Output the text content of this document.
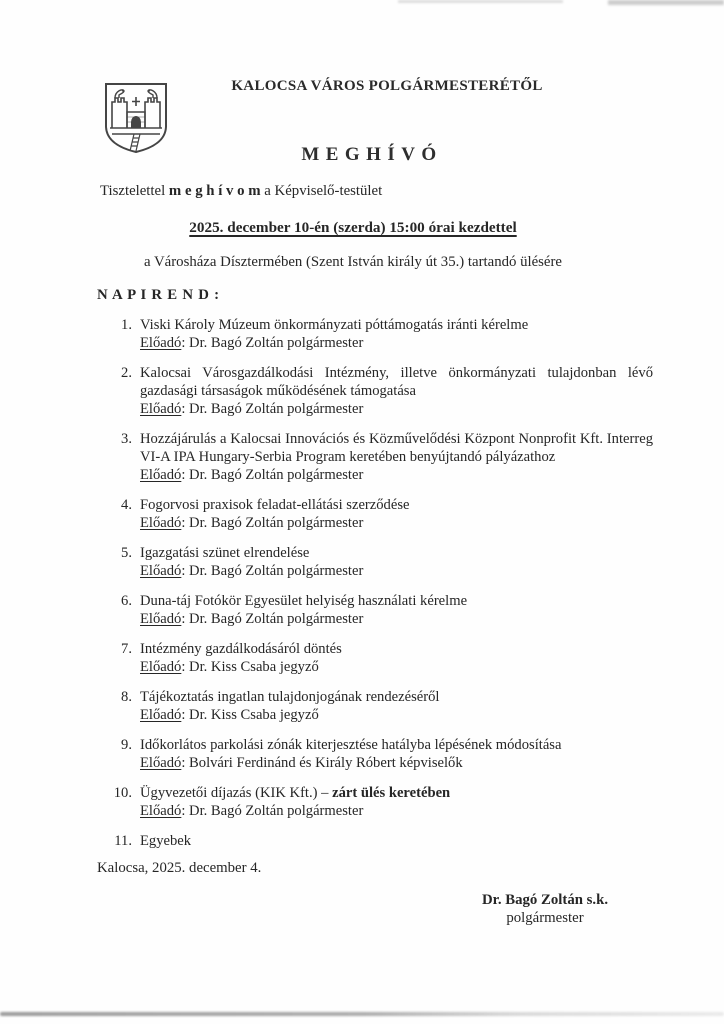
KALOCSA VÁROS POLGÁRMESTERÉTŐL
MEGHÍVÓ
Tisztelettel m e g h í v o m a Képviselő-testület
2025. december 10-én (szerda) 15:00 órai kezdettel
a Városháza Dísztermében (Szent István király út 35.) tartandó ülésére
N A P I R E N D :
1. Viski Károly Múzeum önkormányzati póttámogatás iránti kérelme
Előadó: Dr. Bagó Zoltán polgármester
2. Kalocsai Városgazdálkodási Intézmény, illetve önkormányzati tulajdonban lévő gazdasági társaságok működésének támogatása
Előadó: Dr. Bagó Zoltán polgármester
3. Hozzájárulás a Kalocsai Innovációs és Közművelődési Központ Nonprofit Kft. Interreg VI-A IPA Hungary-Serbia Program keretében benyújtandó pályázathoz
Előadó: Dr. Bagó Zoltán polgármester
4. Fogorvosi praxisok feladat-ellátási szerződése
Előadó: Dr. Bagó Zoltán polgármester
5. Igazgatási szünet elrendelése
Előadó: Dr. Bagó Zoltán polgármester
6. Duna-táj Fotókör Egyesület helyiség használati kérelme
Előadó: Dr. Bagó Zoltán polgármester
7. Intézmény gazdálkodásáról döntés
Előadó: Dr. Kiss Csaba jegyző
8. Tájékoztatás ingatlan tulajdonjogának rendezéséről
Előadó: Dr. Kiss Csaba jegyző
9. Időkorlátos parkolási zónák kiterjesztése hatályba lépésének módosítása
Előadó: Bolvári Ferdinánd és Király Róbert képviselők
10. Ügyvezetői díjazás (KIK Kft.) – zárt ülés keretében
Előadó: Dr. Bagó Zoltán polgármester
11. Egyebek
Kalocsa, 2025. december 4.
Dr. Bagó Zoltán s.k.
polgármester
